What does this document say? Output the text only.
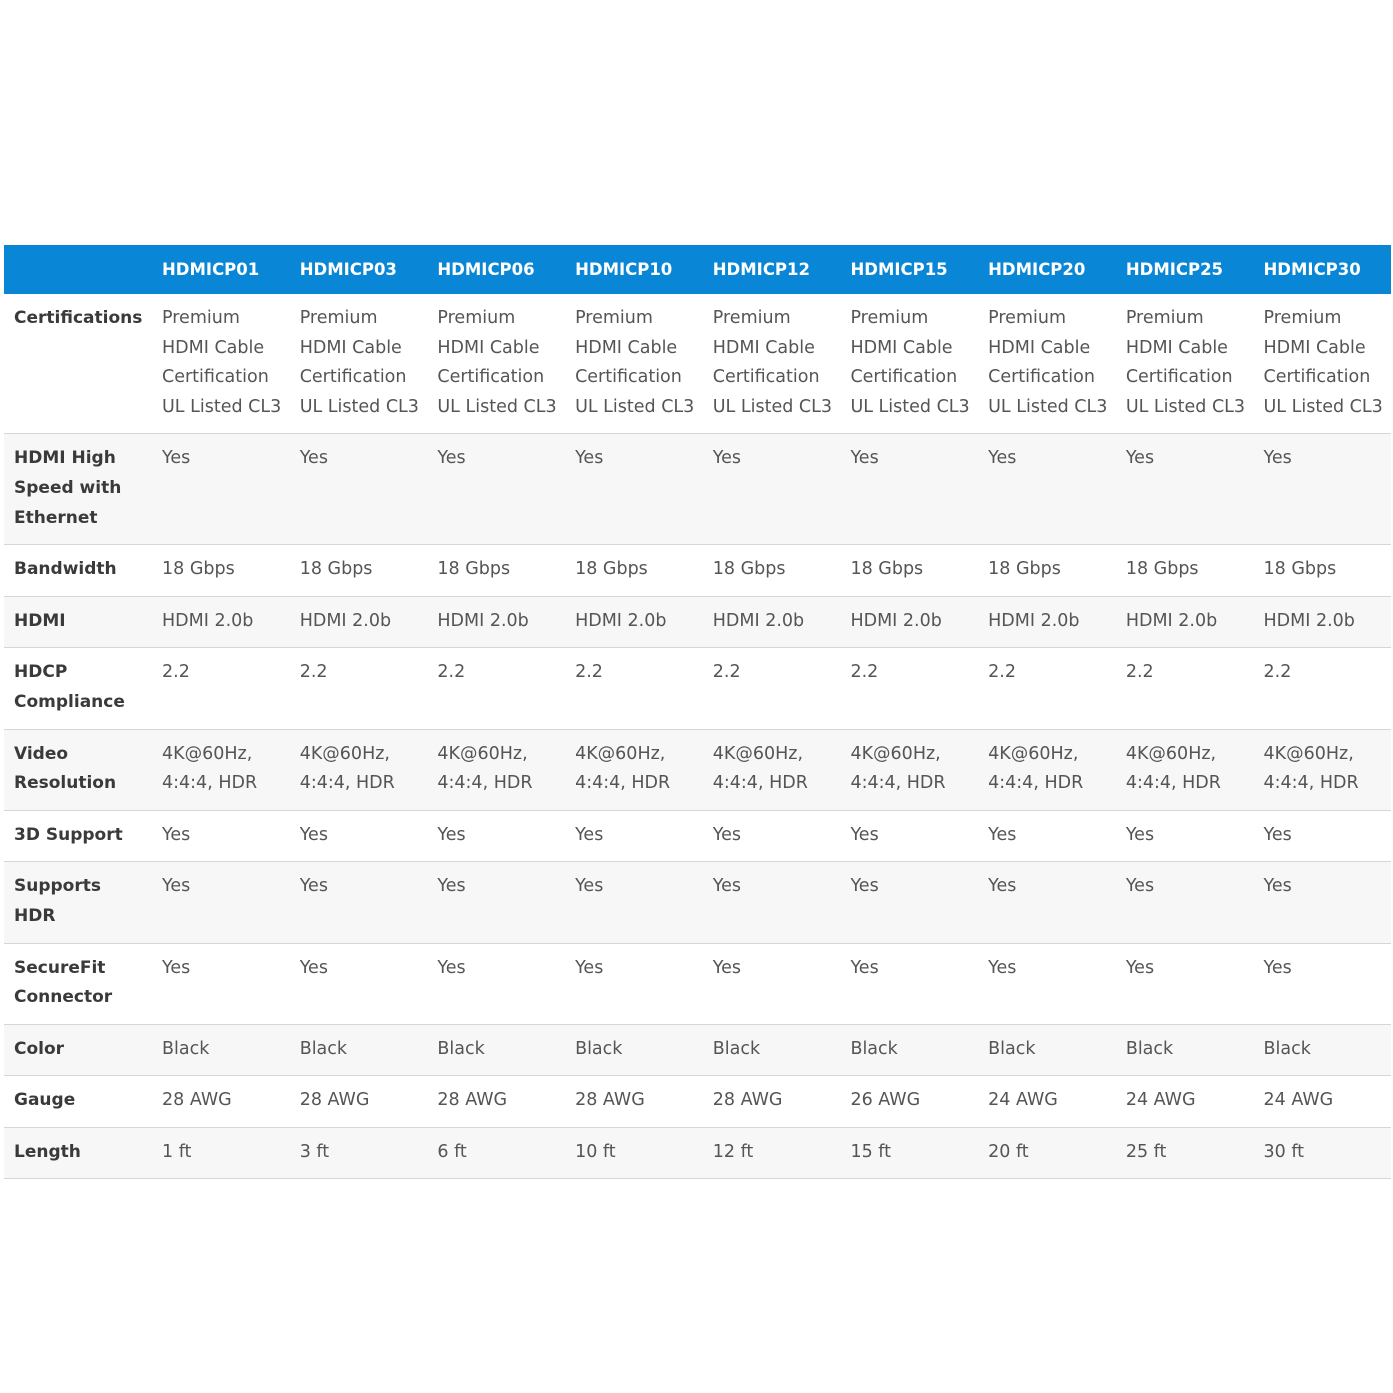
	HDMICP01	HDMICP03	HDMICP06	HDMICP10	HDMICP12	HDMICP15	HDMICP20	HDMICP25	HDMICP30
Certifications	Premium
HDMI Cable
Certification
UL Listed CL3	Premium
HDMI Cable
Certification
UL Listed CL3	Premium
HDMI Cable
Certification
UL Listed CL3	Premium
HDMI Cable
Certification
UL Listed CL3	Premium
HDMI Cable
Certification
UL Listed CL3	Premium
HDMI Cable
Certification
UL Listed CL3	Premium
HDMI Cable
Certification
UL Listed CL3	Premium
HDMI Cable
Certification
UL Listed CL3	Premium
HDMI Cable
Certification
UL Listed CL3

HDMI High Speed with Ethernet	Yes	Yes	Yes	Yes	Yes	Yes	Yes	Yes	Yes

Bandwidth	18 Gbps	18 Gbps	18 Gbps	18 Gbps	18 Gbps	18 Gbps	18 Gbps	18 Gbps	18 Gbps

HDMI	HDMI 2.0b	HDMI 2.0b	HDMI 2.0b	HDMI 2.0b	HDMI 2.0b	HDMI 2.0b	HDMI 2.0b	HDMI 2.0b	HDMI 2.0b

HDCP Compliance	2.2	2.2	2.2	2.2	2.2	2.2	2.2	2.2	2.2

Video Resolution	4K@60Hz,
4:4:4, HDR	4K@60Hz,
4:4:4, HDR	4K@60Hz,
4:4:4, HDR	4K@60Hz,
4:4:4, HDR	4K@60Hz,
4:4:4, HDR	4K@60Hz,
4:4:4, HDR	4K@60Hz,
4:4:4, HDR	4K@60Hz,
4:4:4, HDR	4K@60Hz,
4:4:4, HDR

3D Support	Yes	Yes	Yes	Yes	Yes	Yes	Yes	Yes	Yes

Supports HDR	Yes	Yes	Yes	Yes	Yes	Yes	Yes	Yes	Yes

SecureFit Connector	Yes	Yes	Yes	Yes	Yes	Yes	Yes	Yes	Yes

Color	Black	Black	Black	Black	Black	Black	Black	Black	Black

Gauge	28 AWG	28 AWG	28 AWG	28 AWG	28 AWG	26 AWG	24 AWG	24 AWG	24 AWG

Length	1 ft	3 ft	6 ft	10 ft	12 ft	15 ft	20 ft	25 ft	30 ft
